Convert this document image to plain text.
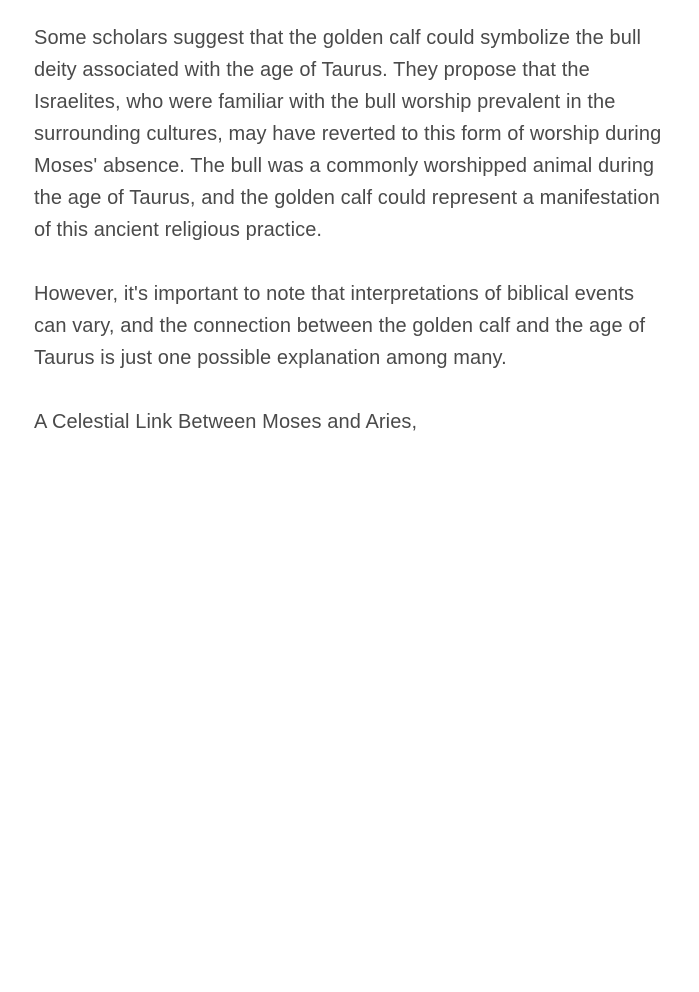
Some scholars suggest that the golden calf could symbolize the bull deity associated with the age of Taurus. They propose that the Israelites, who were familiar with the bull worship prevalent in the surrounding cultures, may have reverted to this form of worship during Moses' absence. The bull was a commonly worshipped animal during the age of Taurus, and the golden calf could represent a manifestation of this ancient religious practice.

However, it's important to note that interpretations of biblical events can vary, and the connection between the golden calf and the age of Taurus is just one possible explanation among many.

A Celestial Link Between Moses and Aries,
